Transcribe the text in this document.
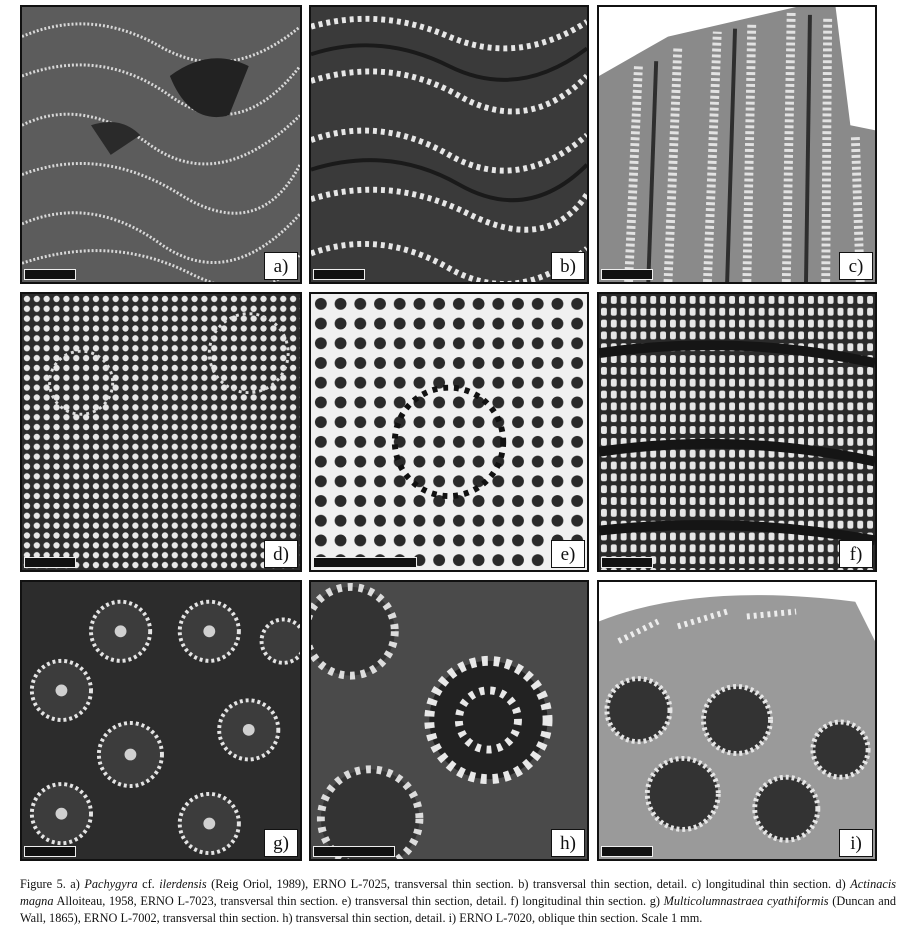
a)	b)	c)
d)	e)	f)
g)	h)	i)
Figure 5. a) Pachygyra cf. ilerdensis (Reig Oriol, 1989), ERNO L-7025, transversal thin section. b) transversal thin section, detail. c) longitudinal thin section. d) Actinacis magna Alloiteau, 1958, ERNO L-7023, transversal thin section. e) transversal thin section, detail. f) longitudinal thin section. g) Multicolumnastraea cyathiformis (Duncan and Wall, 1865), ERNO L-7002, transversal thin section. h) transversal thin section, detail. i) ERNO L-7020, oblique thin section. Scale 1 mm.
